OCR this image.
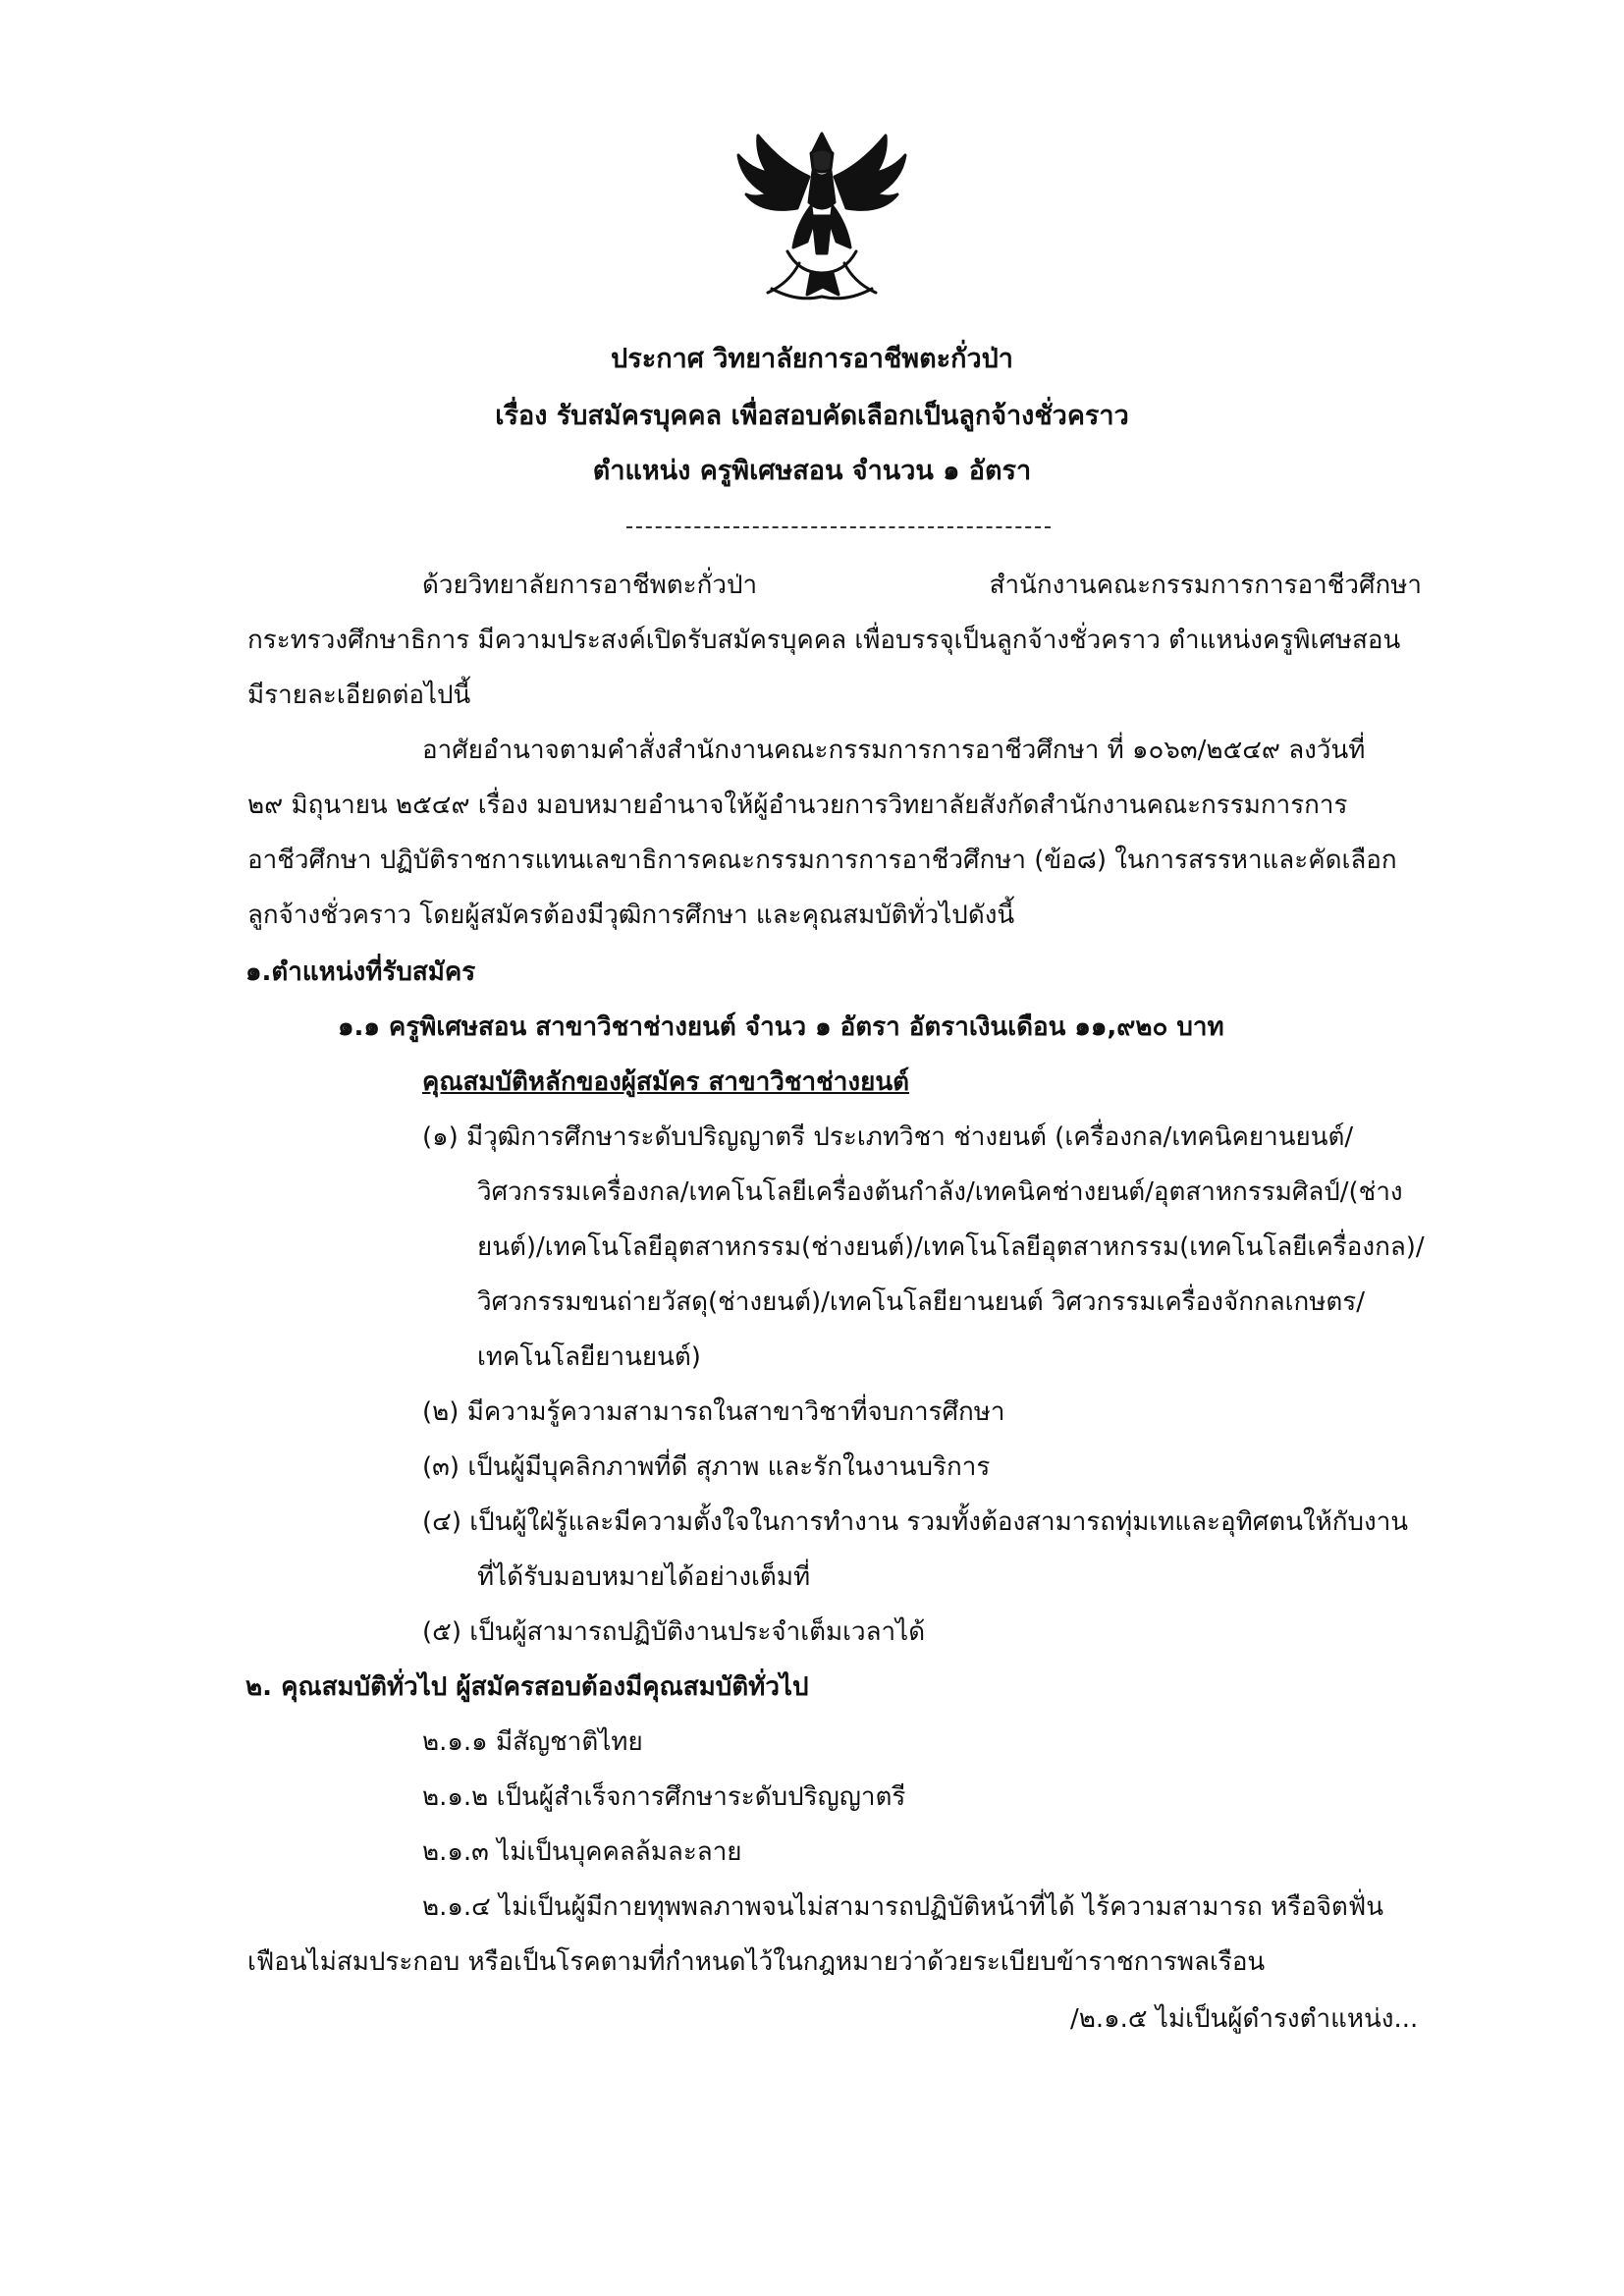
ประกาศ วิทยาลัยการอาชีพตะกั่วป่า
เรื่อง รับสมัครบุคคล เพื่อสอบคัดเลือกเป็นลูกจ้างชั่วคราว
ตำแหน่ง ครูพิเศษสอน จำนวน ๑ อัตรา
ด้วยวิทยาลัยการอาชีพตะกั่วป่า สำนักงานคณะกรรมการการอาชีวศึกษา
กระทรวงศึกษาธิการ มีความประสงค์เปิดรับสมัครบุคคล เพื่อบรรจุเป็นลูกจ้างชั่วคราว ตำแหน่งครูพิเศษสอน
มีรายละเอียดต่อไปนี้
อาศัยอำนาจตามคำสั่งสำนักงานคณะกรรมการการอาชีวศึกษา ที่ ๑๐๖๓/๒๕๔๙ ลงวันที่
๒๙ มิถุนายน ๒๕๔๙ เรื่อง มอบหมายอำนาจให้ผู้อำนวยการวิทยาลัยสังกัดสำนักงานคณะกรรมการการ
อาชีวศึกษา ปฏิบัติราชการแทนเลขาธิการคณะกรรมการการอาชีวศึกษา (ข้อ๘) ในการสรรหาและคัดเลือก
ลูกจ้างชั่วคราว โดยผู้สมัครต้องมีวุฒิการศึกษา และคุณสมบัติทั่วไปดังนี้
๑.ตำแหน่งที่รับสมัคร
๑.๑ ครูพิเศษสอน สาขาวิชาช่างยนต์ จำนว ๑ อัตรา อัตราเงินเดือน ๑๑,๙๒๐ บาท
คุณสมบัติหลักของผู้สมัคร สาขาวิชาช่างยนต์
(๑) มีวุฒิการศึกษาระดับปริญญาตรี ประเภทวิชา ช่างยนต์ (เครื่องกล/เทคนิคยานยนต์/
วิศวกรรมเครื่องกล/เทคโนโลยีเครื่องต้นกำลัง/เทคนิคช่างยนต์/อุตสาหกรรมศิลป์/(ช่าง
ยนต์)/เทคโนโลยีอุตสาหกรรม(ช่างยนต์)/เทคโนโลยีอุตสาหกรรม(เทคโนโลยีเครื่องกล)/
วิศวกรรมขนถ่ายวัสดุ(ช่างยนต์)/เทคโนโลยียานยนต์ วิศวกรรมเครื่องจักกลเกษตร/
เทคโนโลยียานยนต์)
(๒) มีความรู้ความสามารถในสาขาวิชาที่จบการศึกษา
(๓) เป็นผู้มีบุคลิกภาพที่ดี สุภาพ และรักในงานบริการ
(๔) เป็นผู้ใฝ่รู้และมีความตั้งใจในการทำงาน รวมทั้งต้องสามารถทุ่มเทและอุทิศตนให้กับงาน
ที่ได้รับมอบหมายได้อย่างเต็มที่
(๕) เป็นผู้สามารถปฏิบัติงานประจำเต็มเวลาได้
๒. คุณสมบัติทั่วไป ผู้สมัครสอบต้องมีคุณสมบัติทั่วไป
๒.๑.๑ มีสัญชาติไทย
๒.๑.๒ เป็นผู้สำเร็จการศึกษาระดับปริญญาตรี
๒.๑.๓ ไม่เป็นบุคคลล้มละลาย
๒.๑.๔ ไม่เป็นผู้มีกายทุพพลภาพจนไม่สามารถปฏิบัติหน้าที่ได้ ไร้ความสามารถ หรือจิตฟั่น
เฟือนไม่สมประกอบ หรือเป็นโรคตามที่กำหนดไว้ในกฎหมายว่าด้วยระเบียบข้าราชการพลเรือน
/๒.๑.๕ ไม่เป็นผู้ดำรงตำแหน่ง...
